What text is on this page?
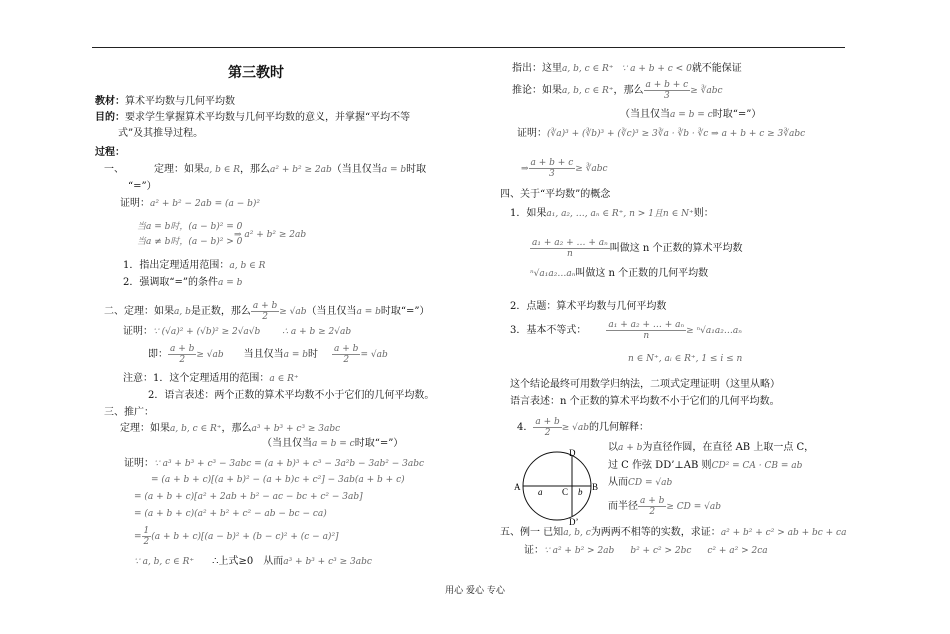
第三教时
教材：算术平均数与几何平均数
目的：要求学生掌握算术平均数与几何平均数的意义，并掌握“平均不等
式”及其推导过程。
过程：
一、	定理：如果a, b ∈ R，那么a² + b² ≥ 2ab（当且仅当a = b时取
“=”）
证明：a² + b² − 2ab = (a − b)²
当a = b时，(a − b)² = 0
当a ≠ b时，(a − b)² > 0
⇒ a² + b² ≥ 2ab
1．指出定理适用范围：a, b ∈ R
2．强调取“=”的条件a = b
二、定理：如果a, b是正数，那么 $\frac{a + b}{2} \ge √ab$（当且仅当a = b时取“=”）
证明：∵ (√a)² + (√b)² ≥ 2√a√b ∴ a + b ≥ 2√ab
即： $\frac{a + b}{2} \ge √ab$ 当且仅当a = b时 $\frac{a + b}{2} = √ab$
注意：1．这个定理适用的范围：a ∈ R⁺
2．语言表述：两个正数的算术平均数不小于它们的几何平均数。
三、推广：
定理：如果a, b, c ∈ R⁺，那么a³ + b³ + c³ ≥ 3abc
（当且仅当a = b = c时取“=”）
证明：∵ a³ + b³ + c³ − 3abc = (a + b)³ + c³ − 3a²b − 3ab² − 3abc
= (a + b + c)[(a + b)² − (a + b)c + c²] − 3ab(a + b + c)
= (a + b + c)[a² + 2ab + b² − ac − bc + c² − 3ab]
= (a + b + c)(a² + b² + c² − ab − bc − ca)
= $\frac{1}{2} (a + b + c)[(a - b)^2 + (b - c)^2 + (c - a)^2]$
∵ a, b, c ∈ R⁺ ∴上式≥0 从而a³ + b³ + c³ ≥ 3abc
指出：这里a, b, c ∈ R⁺ ∵ a + b + c < 0就不能保证
推论：如果a, b, c ∈ R⁺，那么 $\frac{a + b + c}{3}$ ≥ ∛abc
（当且仅当a = b = c时取“=”）
证明：(∛a)³ + (∛b)³ + (∛c)³ ≥ 3∛a · ∛b · ∛c ⇒ a + b + c ≥ 3∛abc
⇒ $\frac{a + b + c}{3}$ ≥ ∛abc
四、关于“平均数”的概念
1．如果a₁, a₂, …, aₙ ∈ R⁺, n > 1且n ∈ N⁺则：
$\frac{\text{a₁ + a₂ + … + aₙ}}{n}$ 叫做这 n 个正数的算术平均数
ⁿ√a₁a₂…aₙ叫做这 n 个正数的几何平均数
2．点题：算术平均数与几何平均数
3．基本不等式： $\frac{\text{a₁ + a₂ + … + aₙ}}{n}$ ≥ ⁿ√a₁a₂…aₙ
n ∈ N⁺, aᵢ ∈ R⁺, 1 ≤ i ≤ n
这个结论最终可用数学归纳法，二项式定理证明（这里从略）
语言表述：n 个正数的算术平均数不小于它们的几何平均数。
4． $\frac{a + b}{2} \ge √ab$的几何解释：
A	B
C
D
D’
a	b
以a + b为直径作圆，在直径 AB 上取一点 C，
过 C 作弦 DD’⊥AB 则CD² = CA · CB = ab
从而CD = √ab
而半径 $\frac{a + b}{2}$ ≥ CD = √ab
五、例一 已知a, b, c为两两不相等的实数，求证：a² + b² + c² > ab + bc + ca
证：∵ a² + b² > 2ab b² + c² > 2bc c² + a² > 2ca
用心 爱心 专心
